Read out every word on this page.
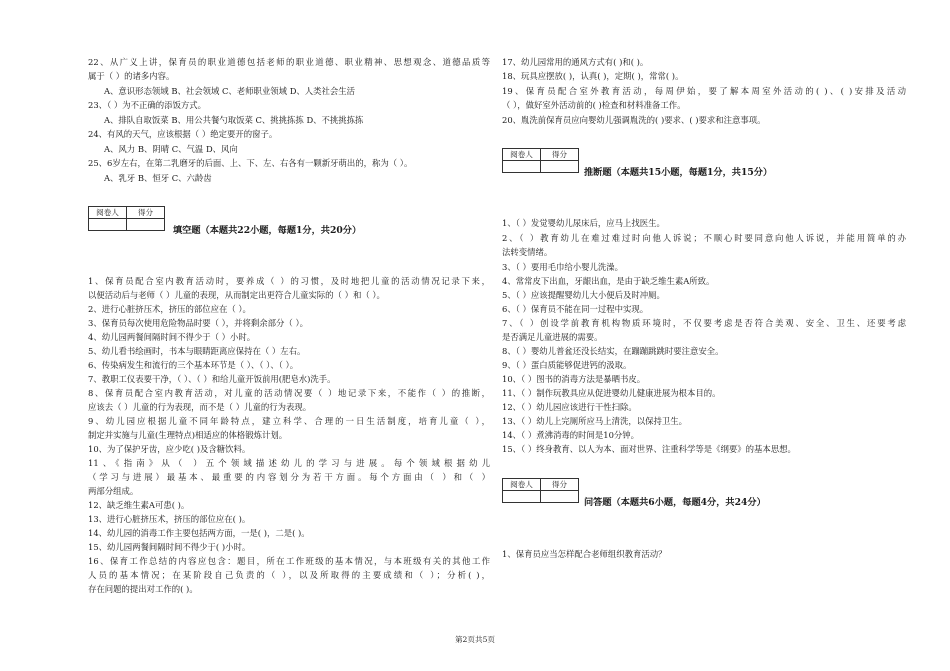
22、从广义上讲，保育员的职业道德包括老师的职业道德、职业精神、思想观念、道德品质等
属于（ ）的诸多内容。
A、意识形态领域 B、社会领域 C、老师职业领域 D、人类社会生活
23、（ ）为不正确的添饭方式。
A、排队自取饭菜 B、用公共餐勺取饭菜 C、挑挑拣拣 D、不挑挑拣拣
24、有风的天气，应该根据（ ）绝定要开的窗子。
A、风力 B、阴晴 C、气温 D、风向
25、6岁左右，在第二乳磨牙的后面、上、下、左、右各有一颗新牙萌出的，称为（ ）。
A、乳牙 B、恒牙 C、六龄齿
阅卷人	得分

填空题（本题共22小题，每题1分，共20分）
1、保育员配合室内教育活动时，要养成（ ）的习惯，及时地把儿童的活动情况记录下来，
以便活动后与老师（ ）儿童的表现，从而制定出更符合儿童实际的（ ）和（ ）。
2、进行心脏挤压术，挤压的部位应在（ ）。
3、保育员每次使用危险物品时要（ ），并将剩余部分（ ）。
4、幼儿园两餐间隔时间不得少于（ ）小时。
5、幼儿看书绘画时，书本与眼睛距离应保持在（ ）左右。
6、传染病发生和流行的三个基本环节是（ ）、（ ）、（ ）。
7、教职工仪表要干净，（ ）、（ ）和给儿童开饭前用(肥皂水)洗手。
8、保育员配合室内教育活动，对儿童的活动情况要（ ）地记录下来，不能作（ ）的推断，
应该去（ ）儿童的行为表现，而不是（ ）儿童的行为表现。
9、幼儿园应根据儿童不同年龄特点，建立科学、合理的一日生活制度，培育儿童（ ），
制定并实施与儿童(生理特点)相适应的体格锻炼计划。
10、为了保护牙齿，应少吃( )及含糖饮料。
11、《指南》从（ ）五个领域描述幼儿的学习与进展。每个领域根据幼儿
（学习与进展）最基本、最重要的内容划分为若干方面。每个方面由（ ）和（ ）
两部分组成。
12、缺乏维生素A可患( )。
13、进行心脏挤压术，挤压的部位应在( )。
14、幼儿园的消毒工作主要包括两方面，一是( )，二是( )。
15、幼儿园两餐间隔时间不得少于( )小时。
16、保育工作总结的内容应包含：题目，所在工作班级的基本情况，与本班级有关的其他工作
人员的基本情况；在某阶段自己负责的（ ），以及所取得的主要成绩和（ ）；分析( )，
存在问题的提出对工作的( )。
17、幼儿园常用的通风方式有( )和( )。
18、玩具应摆放( )，认真( )，定期( )，常常( )。
19、保育员配合室外教育活动，每周伊始，要了解本周室外活动的( )、( )安排及活动
（ ），做好室外活动前的( )检查和材料准备工作。
20、胤洗前保育员应向婴幼儿强调胤洗的( )要求、( )要求和注意事项。
阅卷人	得分

推断题（本题共15小题，每题1分，共15分）
1、（ ）发觉婴幼儿尿床后，应马上找医生。
2、（ ）教育幼儿在难过难过时向他人诉说；不顺心时要同意向他人诉说，并能用简单的办
法转变情绪。
3、（ ）要用毛巾给小婴儿洗澡。
4、常常皮下出血，牙龈出血，是由于缺乏维生素A所致。
5、（ ）应该提醒婴幼儿大小便后及时冲厕。
6、（ ）保育员不能在同一过程中实现。
7、（ ）创设学前教育机构物质环境时，不仅要考虑是否符合美观、安全、卫生、还要考虑
是否满足儿童进展的需要。
8、（ ）婴幼儿普盆还没长结实，在蹦蹦跳跳时要注意安全。
9、（ ）蛋白质能够促进钙的汲取。
10、（ ）图书的消毒方法是暴晒书皮。
11、（ ）制作玩教具应从促进婴幼儿健康进展为根本目的。
12、（ ）幼儿园应该进行干性扫除。
13、（ ）幼儿上完厕所应马上清洗，以保持卫生。
14、（ ）煮沸消毒的时间是10分钟。
15、（ ）终身教育、以人为本、面对世界、注重科学等是《纲要》的基本思想。
阅卷人	得分

问答题（本题共6小题，每题4分，共24分）
1、保育员应当怎样配合老师组织教育活动？
第2页共5页
